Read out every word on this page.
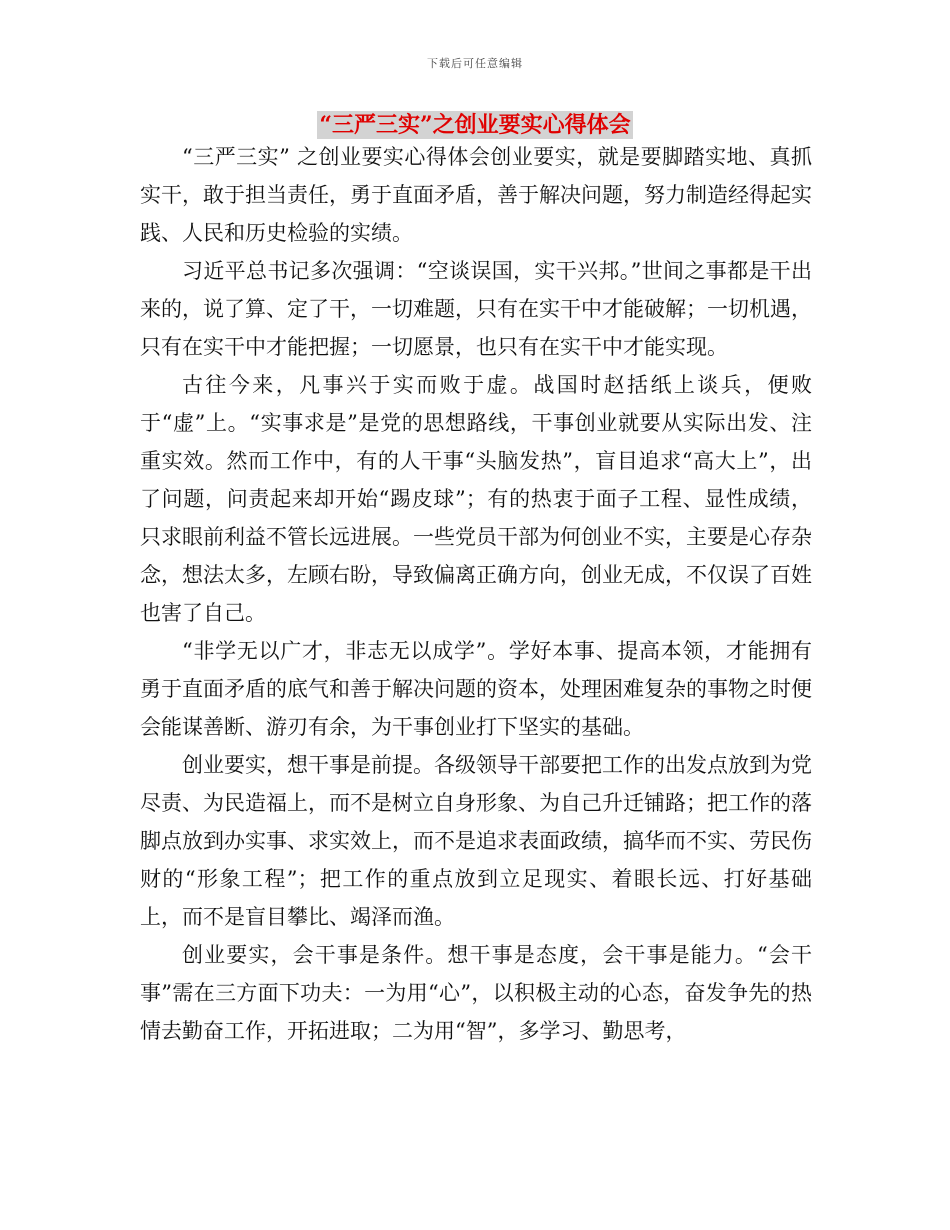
下载后可任意编辑
“三严三实”之创业要实心得体会

“三严三实” 之创业要实心得体会创业要实，就是要脚踏实地、真抓实干，敢于担当责任，勇于直面矛盾，善于解决问题，努力制造经得起实践、人民和历史检验的实绩。

习近平总书记多次强调：“空谈误国，实干兴邦。”世间之事都是干出来的，说了算、定了干，一切难题，只有在实干中才能破解；一切机遇，只有在实干中才能把握；一切愿景，也只有在实干中才能实现。

古往今来，凡事兴于实而败于虚。战国时赵括纸上谈兵，便败于“虚”上。“实事求是”是党的思想路线，干事创业就要从实际出发、注重实效。然而工作中，有的人干事“头脑发热”，盲目追求“高大上”，出了问题，问责起来却开始“踢皮球”；有的热衷于面子工程、显性成绩，只求眼前利益不管长远进展。一些党员干部为何创业不实，主要是心存杂念，想法太多，左顾右盼，导致偏离正确方向，创业无成，不仅误了百姓也害了自己。

“非学无以广才，非志无以成学”。学好本事、提高本领，才能拥有勇于直面矛盾的底气和善于解决问题的资本，处理困难复杂的事物之时便会能谋善断、游刃有余，为干事创业打下坚实的基础。

创业要实，想干事是前提。各级领导干部要把工作的出发点放到为党尽责、为民造福上，而不是树立自身形象、为自己升迁铺路；把工作的落脚点放到办实事、求实效上，而不是追求表面政绩，搞华而不实、劳民伤财的“形象工程”；把工作的重点放到立足现实、着眼长远、打好基础上，而不是盲目攀比、竭泽而渔。

创业要实，会干事是条件。想干事是态度，会干事是能力。“会干事”需在三方面下功夫：一为用“心”，以积极主动的心态，奋发争先的热情去勤奋工作，开拓进取；二为用“智”，多学习、勤思考，
